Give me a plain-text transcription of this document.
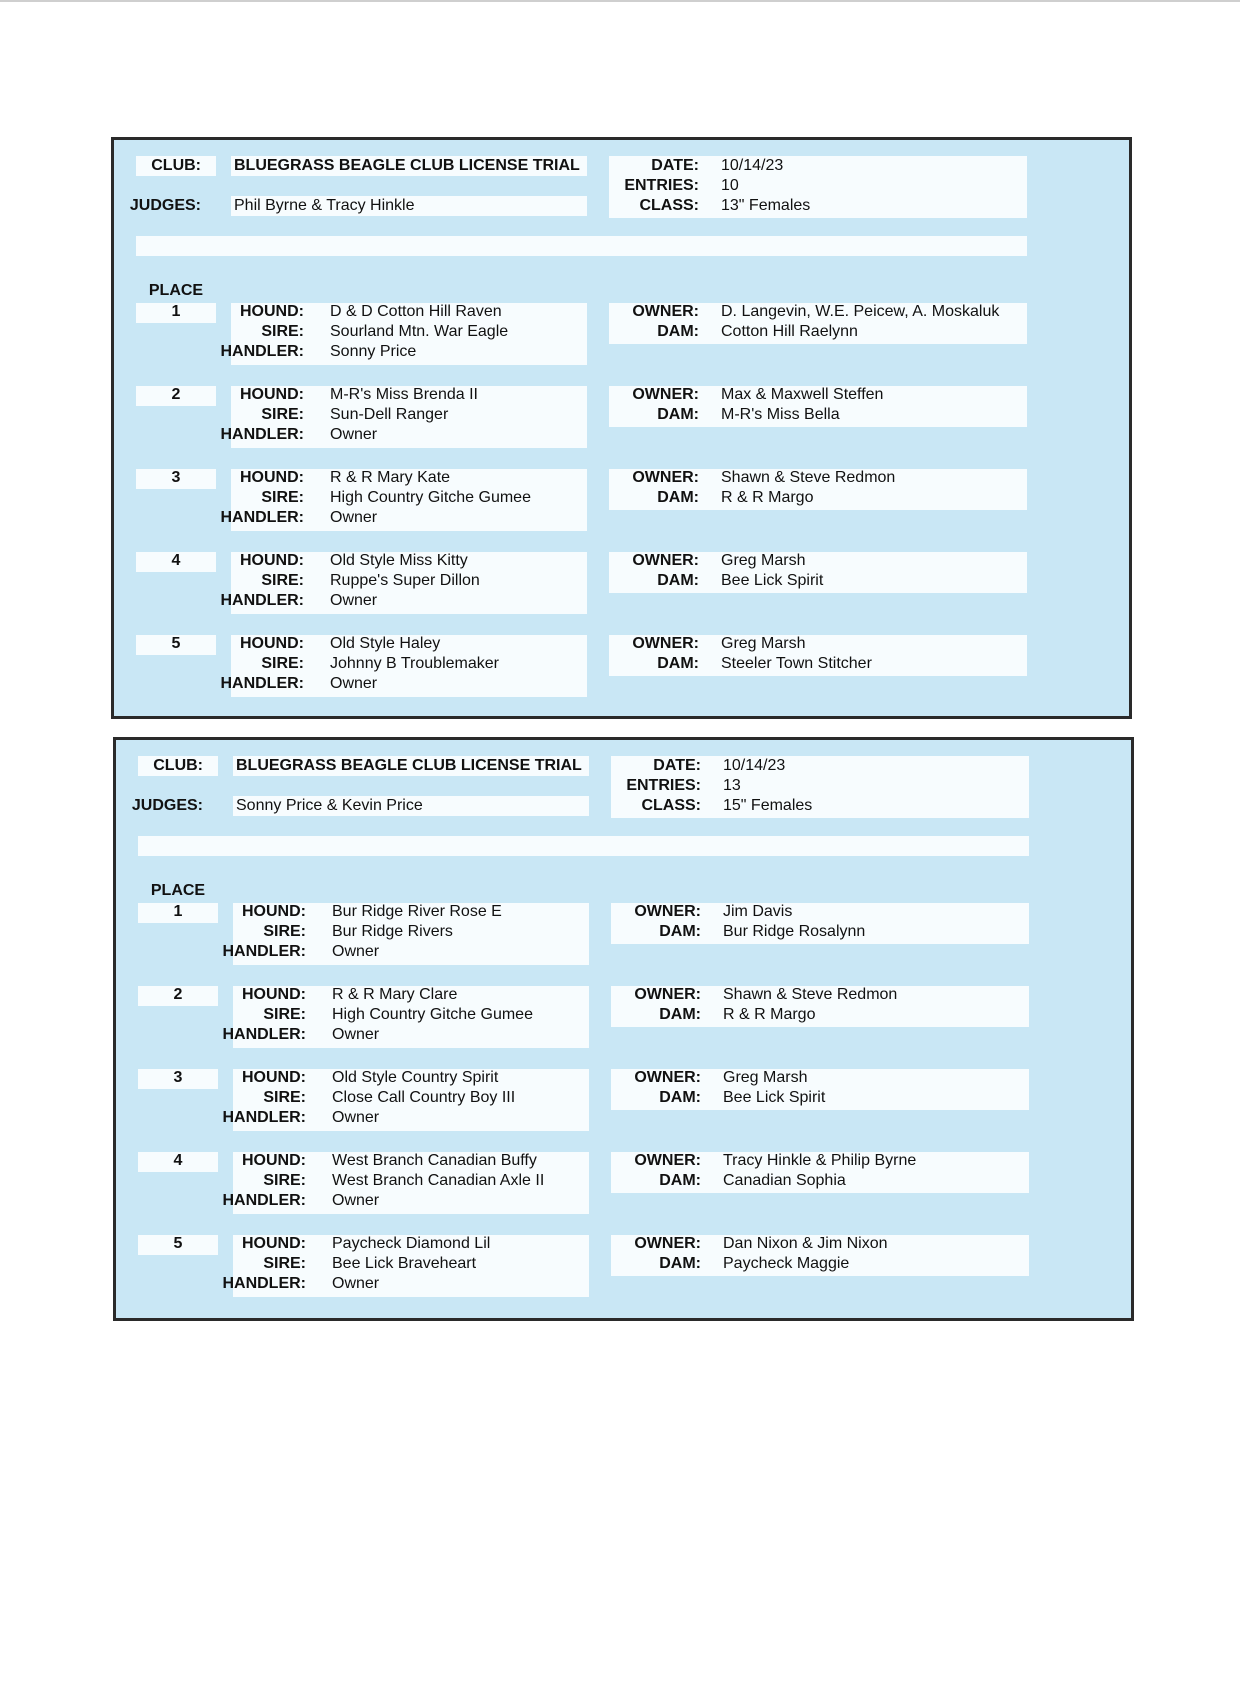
CLUB: BLUEGRASS BEAGLE CLUB LICENSE TRIAL
JUDGES: Phil Byrne & Tracy Hinkle
DATE: 10/14/23
ENTRIES: 10
CLASS: 13" Females
PLACE
1	HOUND: D & D Cotton Hill Raven
SIRE: Sourland Mtn. War Eagle
HANDLER: Sonny Price
OWNER: D. Langevin, W.E. Peicew, A. Moskaluk
DAM: Cotton Hill Raelynn
2	HOUND: M-R's Miss Brenda II
SIRE: Sun-Dell Ranger
HANDLER: Owner
OWNER: Max & Maxwell Steffen
DAM: M-R's Miss Bella
3	HOUND: R & R Mary Kate
SIRE: High Country Gitche Gumee
HANDLER: Owner
OWNER: Shawn & Steve Redmon
DAM: R & R Margo
4	HOUND: Old Style Miss Kitty
SIRE: Ruppe's Super Dillon
HANDLER: Owner
OWNER: Greg Marsh
DAM: Bee Lick Spirit
5	HOUND: Old Style Haley
SIRE: Johnny B Troublemaker
HANDLER: Owner
OWNER: Greg Marsh
DAM: Steeler Town Stitcher
CLUB: BLUEGRASS BEAGLE CLUB LICENSE TRIAL
JUDGES: Sonny Price & Kevin Price
DATE: 10/14/23
ENTRIES: 13
CLASS: 15" Females
PLACE
1	HOUND: Bur Ridge River Rose E
SIRE: Bur Ridge Rivers
HANDLER: Owner
OWNER: Jim Davis
DAM: Bur Ridge Rosalynn
2	HOUND: R & R Mary Clare
SIRE: High Country Gitche Gumee
HANDLER: Owner
OWNER: Shawn & Steve Redmon
DAM: R & R Margo
3	HOUND: Old Style Country Spirit
SIRE: Close Call Country Boy III
HANDLER: Owner
OWNER: Greg Marsh
DAM: Bee Lick Spirit
4	HOUND: West Branch Canadian Buffy
SIRE: West Branch Canadian Axle II
HANDLER: Owner
OWNER: Tracy Hinkle & Philip Byrne
DAM: Canadian Sophia
5	HOUND: Paycheck Diamond Lil
SIRE: Bee Lick Braveheart
HANDLER: Owner
OWNER: Dan Nixon & Jim Nixon
DAM: Paycheck Maggie
